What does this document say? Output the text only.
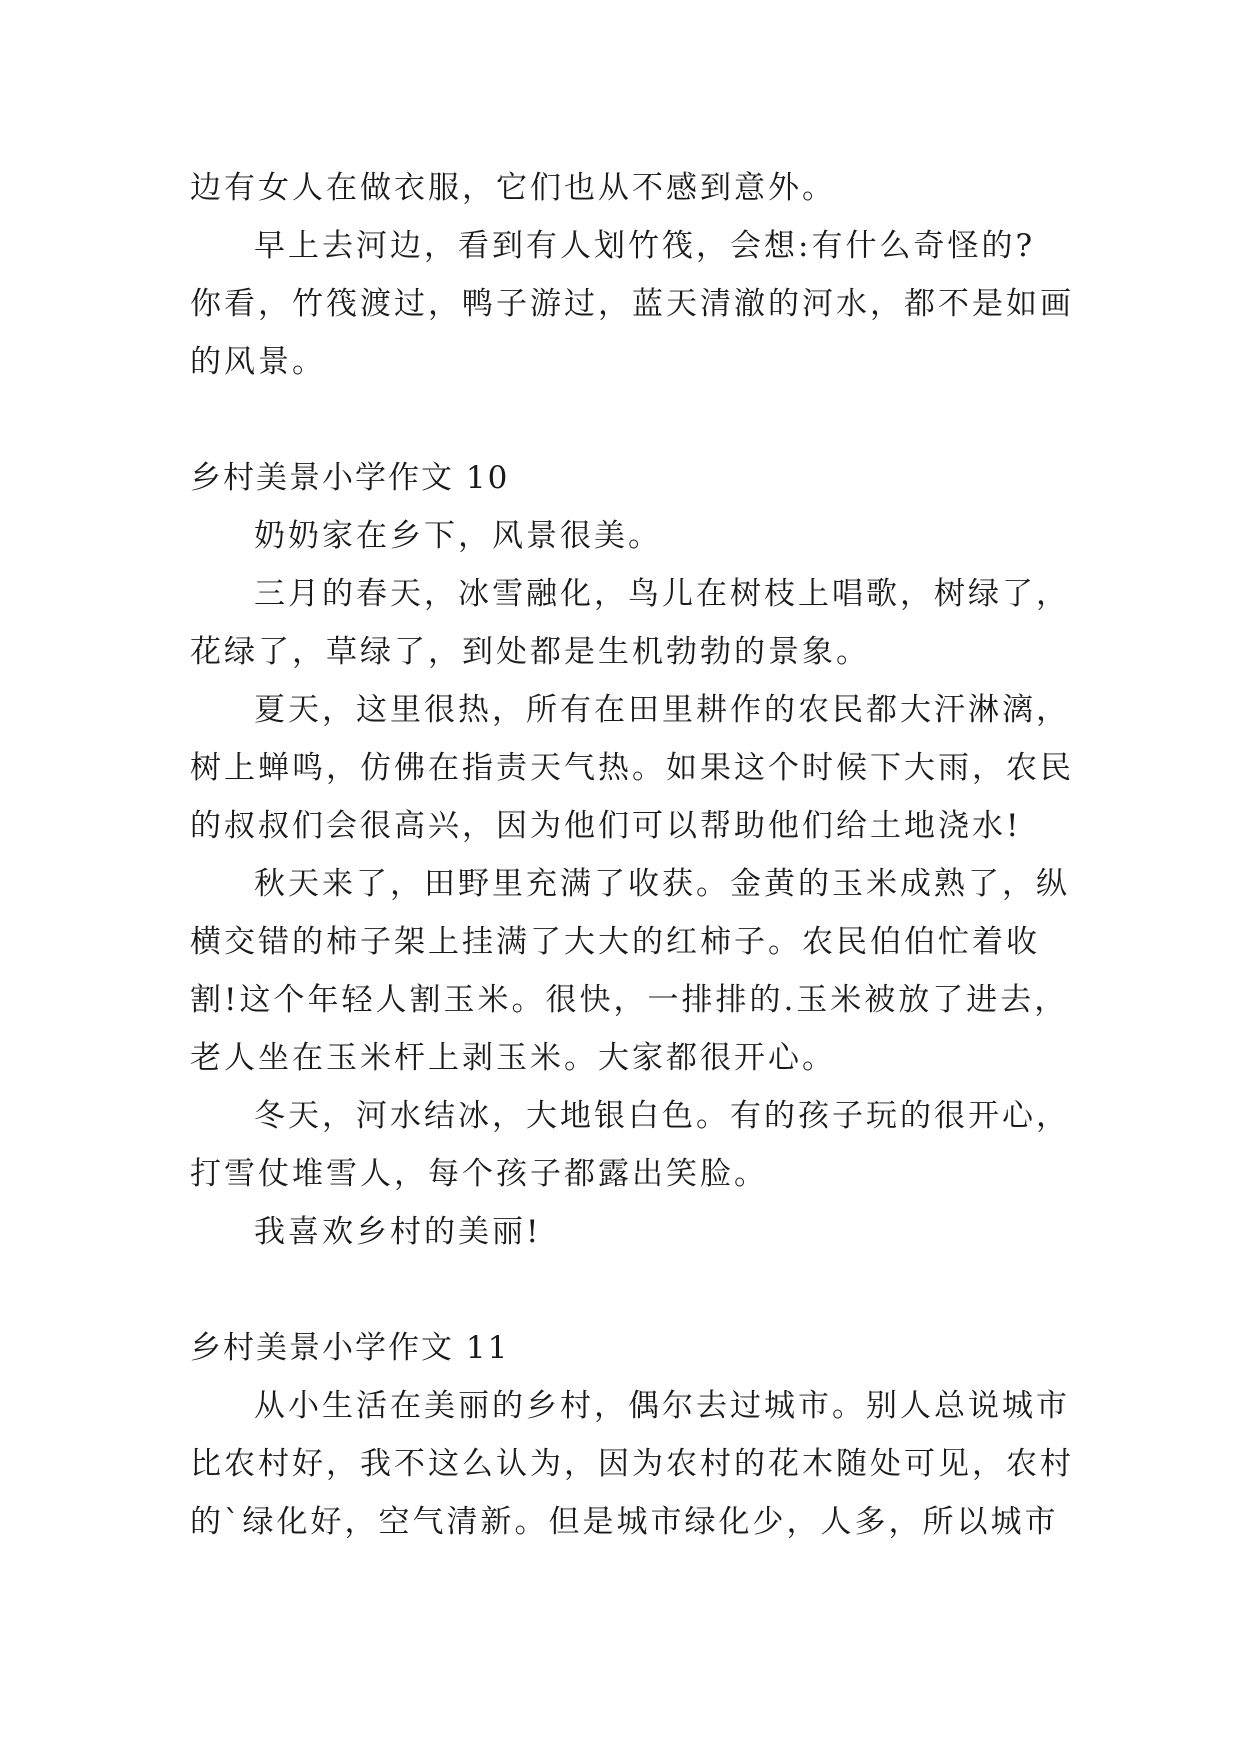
边有女人在做衣服，它们也从不感到意外。
早上去河边，看到有人划竹筏，会想:有什么奇怪的?
你看，竹筏渡过，鸭子游过，蓝天清澈的河水，都不是如画
的风景。
乡村美景小学作文 10
奶奶家在乡下，风景很美。
三月的春天，冰雪融化，鸟儿在树枝上唱歌，树绿了，
花绿了，草绿了，到处都是生机勃勃的景象。
夏天，这里很热，所有在田里耕作的农民都大汗淋漓，
树上蝉鸣，仿佛在指责天气热。如果这个时候下大雨，农民
的叔叔们会很高兴，因为他们可以帮助他们给土地浇水!
秋天来了，田野里充满了收获。金黄的玉米成熟了，纵
横交错的柿子架上挂满了大大的红柿子。农民伯伯忙着收
割!这个年轻人割玉米。很快，一排排的.玉米被放了进去，
老人坐在玉米杆上剥玉米。大家都很开心。
冬天，河水结冰，大地银白色。有的孩子玩的很开心，
打雪仗堆雪人，每个孩子都露出笑脸。
我喜欢乡村的美丽!
乡村美景小学作文 11
从小生活在美丽的乡村，偶尔去过城市。别人总说城市
比农村好，我不这么认为，因为农村的花木随处可见，农村
的`绿化好，空气清新。但是城市绿化少，人多，所以城市
